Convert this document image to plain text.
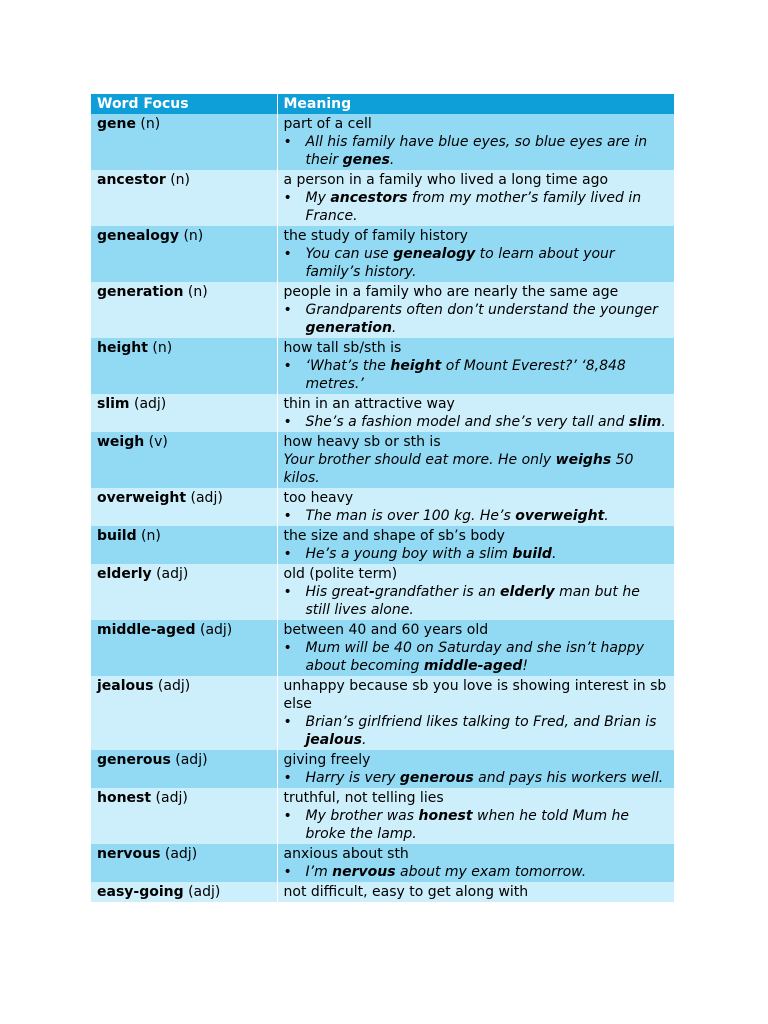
Word Focus	Meaning
gene (n)	part of a cell
• All his family have blue eyes, so blue eyes are in their genes.

ancestor (n)	a person in a family who lived a long time ago
• My ancestors from my mother’s family lived in France.

genealogy (n)	the study of family history
• You can use genealogy to learn about your family’s history.

generation (n)	people in a family who are nearly the same age
• Grandparents often don’t understand the younger generation.

height (n)	how tall sb/sth is
• ‘What’s the height of Mount Everest?’ ‘8,848 metres.’

slim (adj)	thin in an attractive way
• She’s a fashion model and she’s very tall and slim.

weigh (v)	how heavy sb or sth is
Your brother should eat more. He only weighs 50 kilos.

overweight (adj)	too heavy
• The man is over 100 kg. He’s overweight.

build (n)	the size and shape of sb’s body
• He’s a young boy with a slim build.

elderly (adj)	old (polite term)
• His great-grandfather is an elderly man but he still lives alone.

middle-aged (adj)	between 40 and 60 years old
• Mum will be 40 on Saturday and she isn’t happy about becoming middle-aged!

jealous (adj)	unhappy because sb you love is showing interest in sb else
• Brian’s girlfriend likes talking to Fred, and Brian is jealous.

generous (adj)	giving freely
• Harry is very generous and pays his workers well.

honest (adj)	truthful, not telling lies
• My brother was honest when he told Mum he broke the lamp.

nervous (adj)	anxious about sth
• I’m nervous about my exam tomorrow.

easy-going (adj)	not difficult, easy to get along with
